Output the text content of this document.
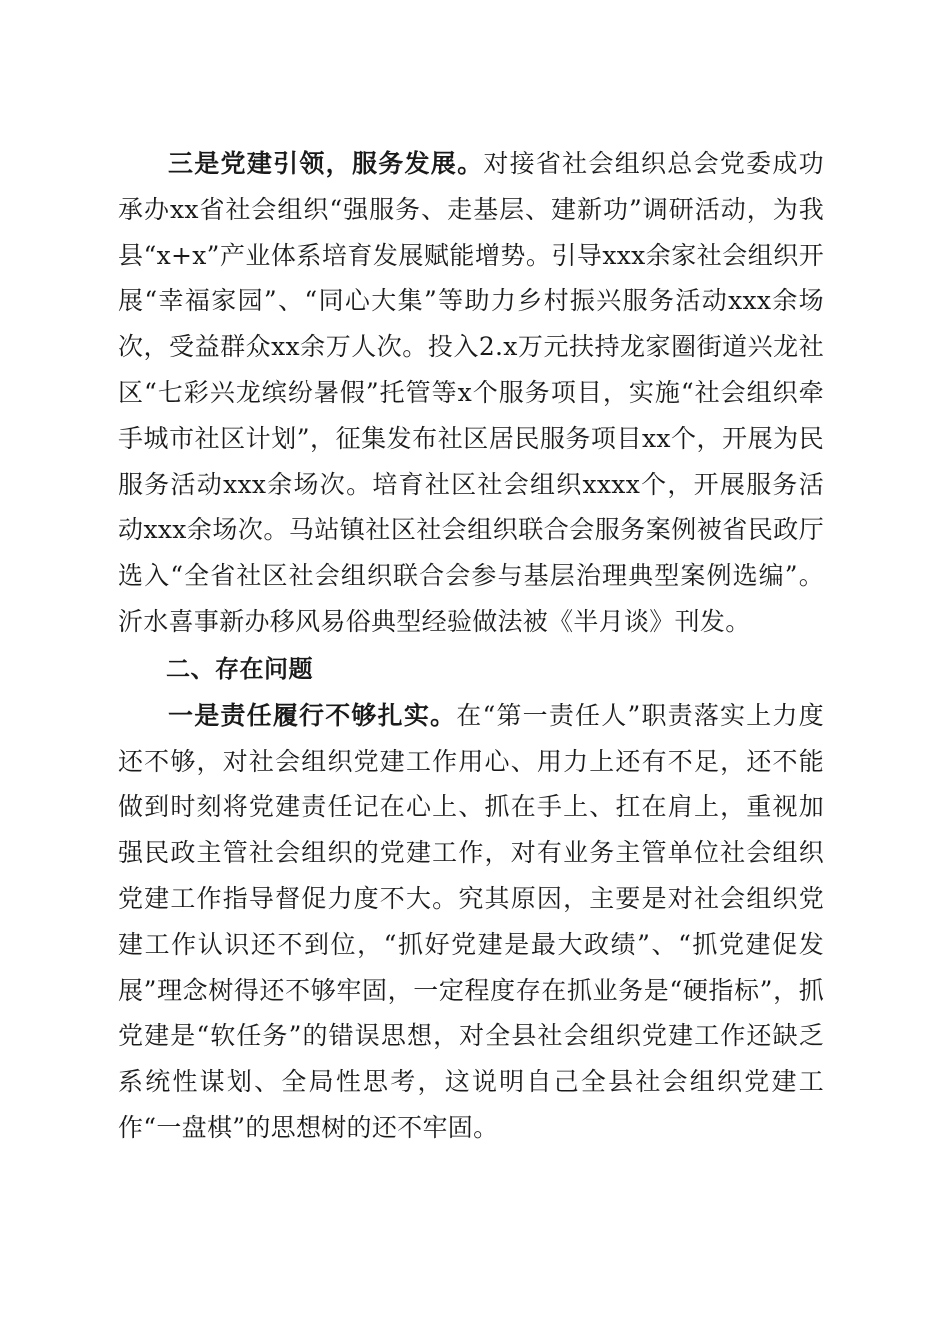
三是党建引领，服务发展。对接省社会组织总会党委成功承办xx省社会组织“强服务、走基层、建新功”调研活动，为我县“x+x”产业体系培育发展赋能增势。引导xxx余家社会组织开展“幸福家园”、“同心大集”等助力乡村振兴服务活动xxx余场次，受益群众xx余万人次。投入2.x万元扶持龙家圈街道兴龙社区“七彩兴龙缤纷暑假”托管等x个服务项目，实施“社会组织牵手城市社区计划”，征集发布社区居民服务项目xx个，开展为民服务活动xxx余场次。培育社区社会组织xxxx个，开展服务活动xxx余场次。马站镇社区社会组织联合会服务案例被省民政厅选入“全省社区社会组织联合会参与基层治理典型案例选编”。沂水喜事新办移风易俗典型经验做法被《半月谈》刊发。

二、存在问题

一是责任履行不够扎实。在“第一责任人”职责落实上力度还不够，对社会组织党建工作用心、用力上还有不足，还不能做到时刻将党建责任记在心上、抓在手上、扛在肩上，重视加强民政主管社会组织的党建工作，对有业务主管单位社会组织党建工作指导督促力度不大。究其原因，主要是对社会组织党建工作认识还不到位，“抓好党建是最大政绩”、“抓党建促发展”理念树得还不够牢固，一定程度存在抓业务是“硬指标”，抓党建是“软任务”的错误思想，对全县社会组织党建工作还缺乏系统性谋划、全局性思考，这说明自己全县社会组织党建工作“一盘棋”的思想树的还不牢固。
